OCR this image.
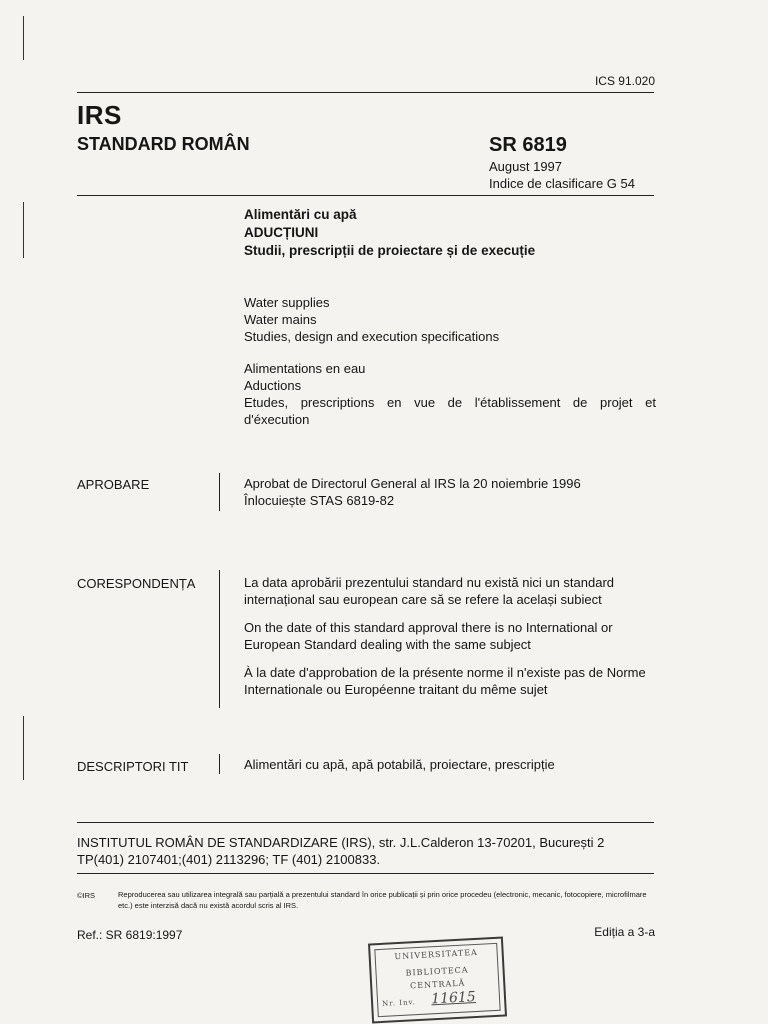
ICS 91.020
IRS
STANDARD ROMÂN	SR 6819
August 1997
Indice de clasificare G 54
Alimentări cu apă
ADUCȚIUNI
Studii, prescripții de proiectare și de execuție
Water supplies
Water mains
Studies, design and execution specifications
Alimentations en eau
Aductions
Etudes, prescriptions en vue de l'établissement de projet et
d'éxecution
APROBARE	Aprobat de Directorul General al IRS la 20 noiembrie 1996
Înlocuiește STAS 6819-82
CORESPONDENȚA	La data aprobării prezentului standard nu există nici un standard internațional sau european care să se refere la același subiect

On the date of this standard approval there is no International or European Standard dealing with the same subject

À la date d'approbation de la présente norme il n'existe pas de Norme Internationale ou Européenne traitant du même sujet

DESCRIPTORI TIT	Alimentări cu apă, apă potabilă, proiectare, prescripție
INSTITUTUL ROMÂN DE STANDARDIZARE (IRS), str. J.L.Calderon 13-70201, București 2
TP(401) 2107401;(401) 2113296; TF (401) 2100833.
©IRS	Reproducerea sau utilizarea integrală sau parțială a prezentului standard în orice publicații și prin orice procedeu (electronic, mecanic, fotocopiere, microfilmare etc.) este interzisă dacă nu există acordul scris al IRS.
Ref.: SR 6819:1997	Ediția a 3-a
UNIVERSITATEA
BIBLIOTECA
CENTRALĂ
Nr. Inv.	11615
